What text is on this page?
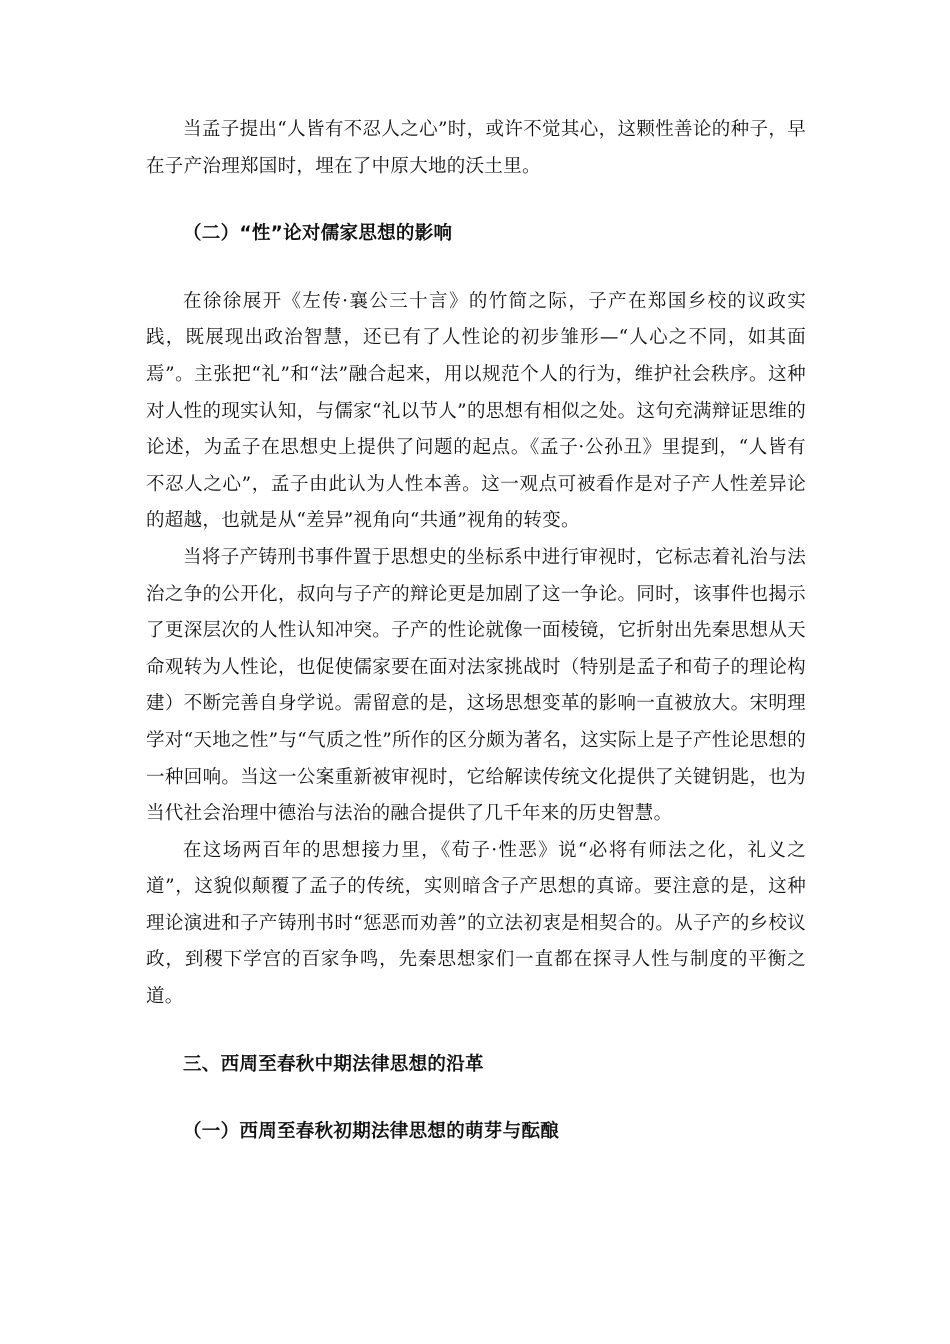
当孟子提出“人皆有不忍人之心”时，或许不觉其心，这颗性善论的种子，早在子产治理郑国时，埋在了中原大地的沃土里。

（二）“性”论对儒家思想的影响

在徐徐展开《左传·襄公三十言》的竹简之际，子产在郑国乡校的议政实践，既展现出政治智慧，还已有了人性论的初步雏形—“人心之不同，如其面焉”。主张把“礼”和“法”融合起来，用以规范个人的行为，维护社会秩序。这种对人性的现实认知，与儒家“礼以节人”的思想有相似之处。这句充满辩证思维的论述，为孟子在思想史上提供了问题的起点。《孟子·公孙丑》里提到，“人皆有不忍人之心”，孟子由此认为人性本善。这一观点可被看作是对子产人性差异论的超越，也就是从“差异”视角向“共通”视角的转变。

当将子产铸刑书事件置于思想史的坐标系中进行审视时，它标志着礼治与法治之争的公开化，叔向与子产的辩论更是加剧了这一争论。同时，该事件也揭示了更深层次的人性认知冲突。子产的性论就像一面棱镜，它折射出先秦思想从天命观转为人性论，也促使儒家要在面对法家挑战时（特别是孟子和荀子的理论构建）不断完善自身学说。需留意的是，这场思想变革的影响一直被放大。宋明理学对“天地之性”与“气质之性”所作的区分颇为著名，这实际上是子产性论思想的一种回响。当这一公案重新被审视时，它给解读传统文化提供了关键钥匙，也为当代社会治理中德治与法治的融合提供了几千年来的历史智慧。

在这场两百年的思想接力里，《荀子·性恶》说“必将有师法之化，礼义之道”，这貌似颠覆了孟子的传统，实则暗含子产思想的真谛。要注意的是，这种理论演进和子产铸刑书时“惩恶而劝善”的立法初衷是相契合的。从子产的乡校议政，到稷下学宫的百家争鸣，先秦思想家们一直都在探寻人性与制度的平衡之道。

三、西周至春秋中期法律思想的沿革
（一）西周至春秋初期法律思想的萌芽与酝酿
